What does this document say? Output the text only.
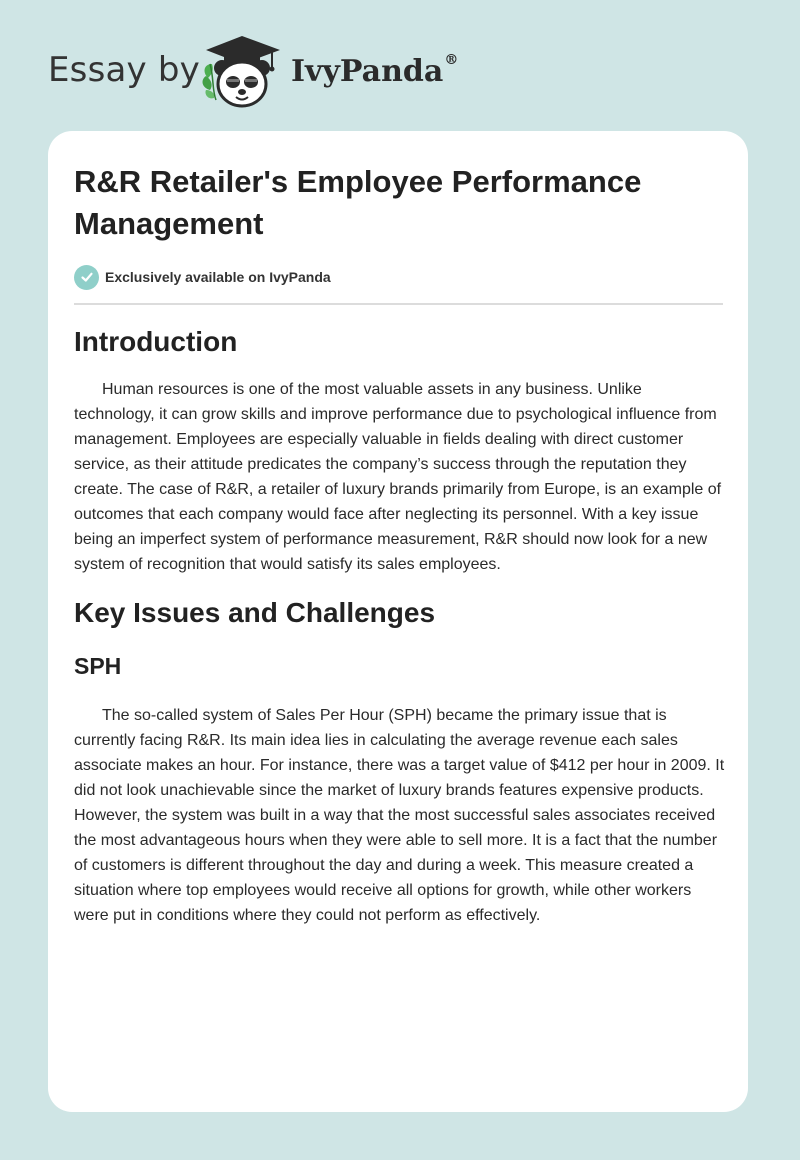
Essay by	IvyPanda®
R&R Retailer's Employee Performance Management
Exclusively available on IvyPanda
Introduction

Human resources is one of the most valuable assets in any business. Unlike technology, it can grow skills and improve performance due to psychological influence from management. Employees are especially valuable in fields dealing with direct customer service, as their attitude predicates the company’s success through the reputation they create. The case of R&R, a retailer of luxury brands primarily from Europe, is an example of outcomes that each company would face after neglecting its personnel. With a key issue being an imperfect system of performance measurement, R&R should now look for a new system of recognition that would satisfy its sales employees.

Key Issues and Challenges
SPH

The so-called system of Sales Per Hour (SPH) became the primary issue that is currently facing R&R. Its main idea lies in calculating the average revenue each sales associate makes an hour. For instance, there was a target value of $412 per hour in 2009. It did not look unachievable since the market of luxury brands features expensive products. However, the system was built in a way that the most successful sales associates received the most advantageous hours when they were able to sell more. It is a fact that the number of customers is different throughout the day and during a week. This measure created a situation where top employees would receive all options for growth, while other workers were put in conditions where they could not perform as effectively.
